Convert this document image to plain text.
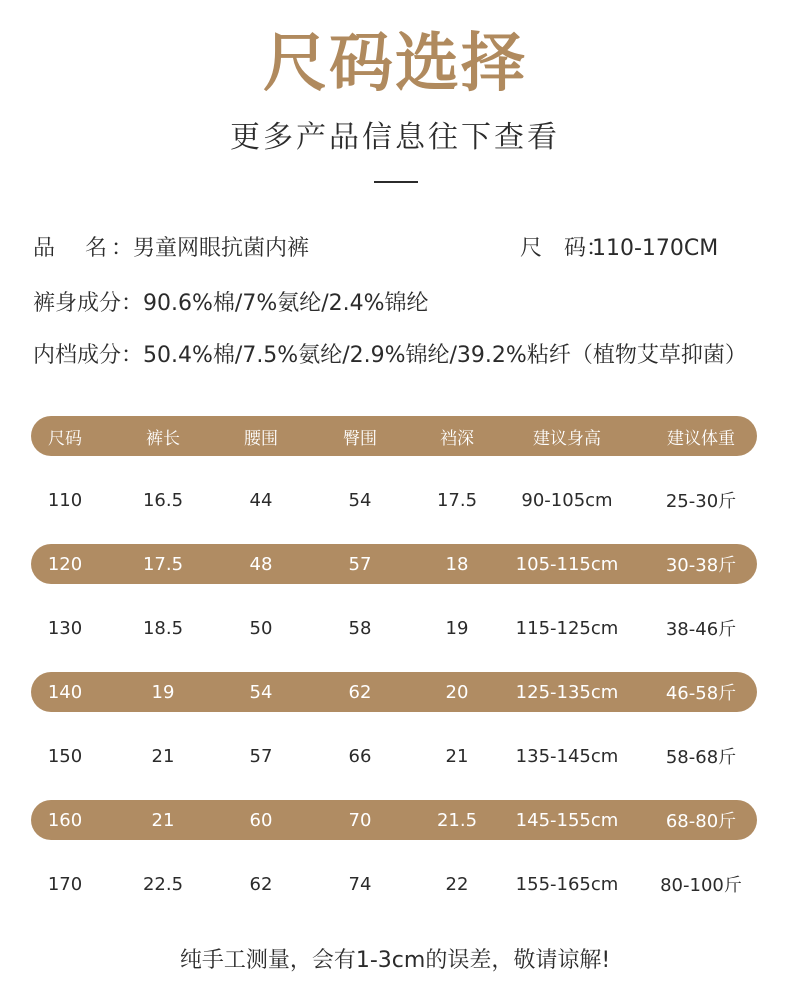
尺码选择
更多产品信息往下查看
品　名：男童网眼抗菌内裤	尺　码：110-170CM
裤身成分：90.6%棉/7%氨纶/2.4%锦纶
内档成分：50.4%棉/7.5%氨纶/2.9%锦纶/39.2%粘纤（植物艾草抑菌）
尺码	裤长	腰围	臀围	裆深	建议身高	建议体重
110	16.5	44	54	17.5	90-105cm	25-30斤
120	17.5	48	57	18	105-115cm	30-38斤
130	18.5	50	58	19	115-125cm	38-46斤
140	19	54	62	20	125-135cm	46-58斤
150	21	57	66	21	135-145cm	58-68斤
160	21	60	70	21.5	145-155cm	68-80斤
170	22.5	62	74	22	155-165cm	80-100斤
纯手工测量，会有1-3cm的误差，敬请谅解!
